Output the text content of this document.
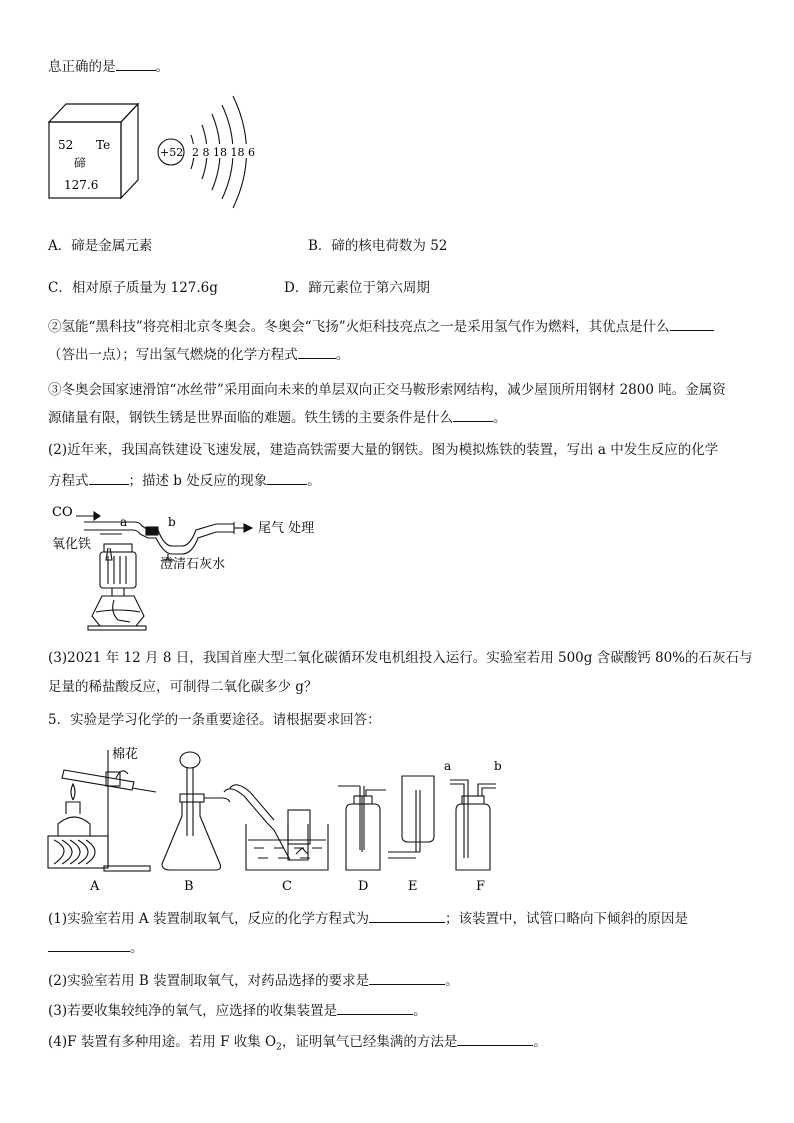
息正确的是	。
52 Te
碲
127.6
+52 2 8 18 18 6
A．碲是金属元素	B．碲的核电荷数为 52
C．相对原子质量为 127.6g	D．蹄元素位于第六周期
②氢能“黑科技”将亮相北京冬奥会。冬奥会“飞扬”火炬科技亮点之一是采用氢气作为燃料，其优点是什么
（答出一点）；写出氢气燃烧的化学方程式	。
③冬奥会国家速滑馆“冰丝带”采用面向未来的单层双向正交马鞍形索网结构，减少屋顶所用钢材 2800 吨。金属资
源储量有限，钢铁生锈是世界面临的难题。铁生锈的主要条件是什么	。
(2)近年来，我国高铁建设飞速发展，建造高铁需要大量的钢铁。图为模拟炼铁的装置，写出 a 中发生反应的化学
方程式	；描述 b 处反应的现象	。
CO
a	b	尾气 处理
氧化铁
澄清石灰水
(3)2021 年 12 月 8 日，我国首座大型二氧化碳循环发电机组投入运行。实验室若用 500g 含碳酸钙 80%的石灰石与
足量的稀盐酸反应，可制得二氧化碳多少 g？
5．实验是学习化学的一条重要途径。请根据要求回答：
棉花
a	b
A	B	C	D	E	F
(1)实验室若用 A 装置制取氧气，反应的化学方程式为	；该装置中，试管口略向下倾斜的原因是
。
(2)实验室若用 B 装置制取氧气，对药品选择的要求是	。
(3)若要收集较纯净的氧气，应选择的收集装置是	。
(4)F 装置有多种用途。若用 F 收集 $O_2$，证明氧气已经集满的方法是	。
